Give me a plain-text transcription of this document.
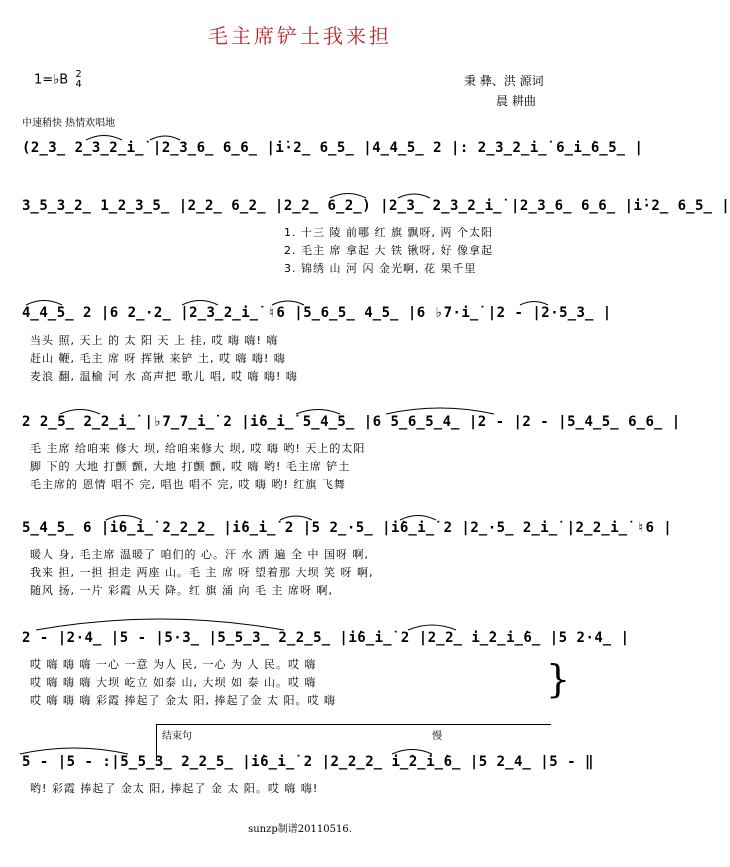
毛主席铲土我来担
1=♭B 2
4	秉 彝、洪 源词
晨 耕曲
中速稍快 热情欢唱地
(2̲3̲ 2̲3̲2̲i̲̇ |2̲3̲6̲ 6̲6̲ |i̇·2̲ 6̲5̲ |4̲4̲5̲ 2 |: 2̲3̲2̲i̲̇ 6̲i̲̇6̲5̲ |
3̲5̲3̲2̲ 1̲2̲3̲5̲ |2̲2̲ 6̲2̲ |2̲2̲ 6̲2̲) |2̲3̲ 2̲3̲2̲i̲̇ |2̲3̲6̲ 6̲6̲ |i̇·2̲ 6̲5̲ |
1. 十三 陵 前哪 红 旗 飘呀, 两 个太阳
2. 毛主 席 拿起 大 铁 锹呀, 好 像拿起
3. 锦绣 山 河 闪 金光啊, 花 果千里
4̲4̲5̲ 2 |6 2̲·2̲ |2̲3̲2̲i̲̇ ♮6 |5̲6̲5̲ 4̲5̲ |6 ♭7·i̲̇ |2 - |2·5̲3̲ |
当头 照, 天上 的 太 阳 天 上 挂, 哎 嗨 嗨! 嗨
赶山 鞭, 毛主 席 呀 挥锹 来铲 土, 哎 嗨 嗨! 嗨
麦浪 翻, 温榆 河 水 高声把 歌儿 唱, 哎 嗨 嗨! 嗨
2 2̲5̲ 2̲2̲i̲̇ |♭7̲7̲i̲̇ 2 |i̇6̲i̲̇ 5̲4̲5̲ |6 5̲6̲5̲4̲ |2 - |2 - |5̲4̲5̲ 6̲6̲ |
毛 主席 给咱来 修大 坝, 给咱来修大 坝, 哎 嗨 哟! 天上的太阳
脚 下的 大地 打颤 颤, 大地 打颤 颤, 哎 嗨 哟! 毛主席 铲土
毛主席的 恩情 唱不 完, 唱也 唱不 完, 哎 嗨 哟! 红旗 飞舞
5̲4̲5̲ 6 |i̇6̲i̲̇ 2̲2̲2̲ |i̇6̲i̲̇ 2 |5 2̲·5̲ |i̇6̲i̲̇ 2 |2̲·5̲ 2̲i̲̇ |2̲2̲i̲̇ ♮6 |
暖人 身, 毛主席 温暖了 咱们的 心。汗 水 洒 遍 全 中 国呀 啊,
我来 担, 一担 担走 两座 山。毛 主 席 呀 望着那 大坝 笑 呀 啊,
随风 扬, 一片 彩霞 从天 降。红 旗 涌 向 毛 主 席呀 啊,
2 - |2·4̲ |5 - |5·3̲ |5̲5̲3̲ 2̲2̲5̲ |i̇6̲i̲̇ 2 |2̲2̲ i̲̇2̲i̲̇6̲ |5 2·4̲ |
哎 嗨 嗨 嗨 一心 一意 为人 民, 一心 为 人 民。哎 嗨
哎 嗨 嗨 嗨 大坝 屹立 如泰 山, 大坝 如 泰 山。哎 嗨
哎 嗨 嗨 嗨 彩霞 捧起了 金太 阳, 捧起了金 太 阳。哎 嗨	}
结束句	慢
5 - |5 - :|5̲5̲3̲ 2̲2̲5̲ |i̇6̲i̲̇ 2 |2̲2̲2̲ i̲̇2̲i̲̇6̲ |5 2̲4̲ |5 - ‖
哟! 彩霞 捧起了 金太 阳, 捧起了 金 太 阳。哎 嗨 嗨!
sunzp制谱20110516.
